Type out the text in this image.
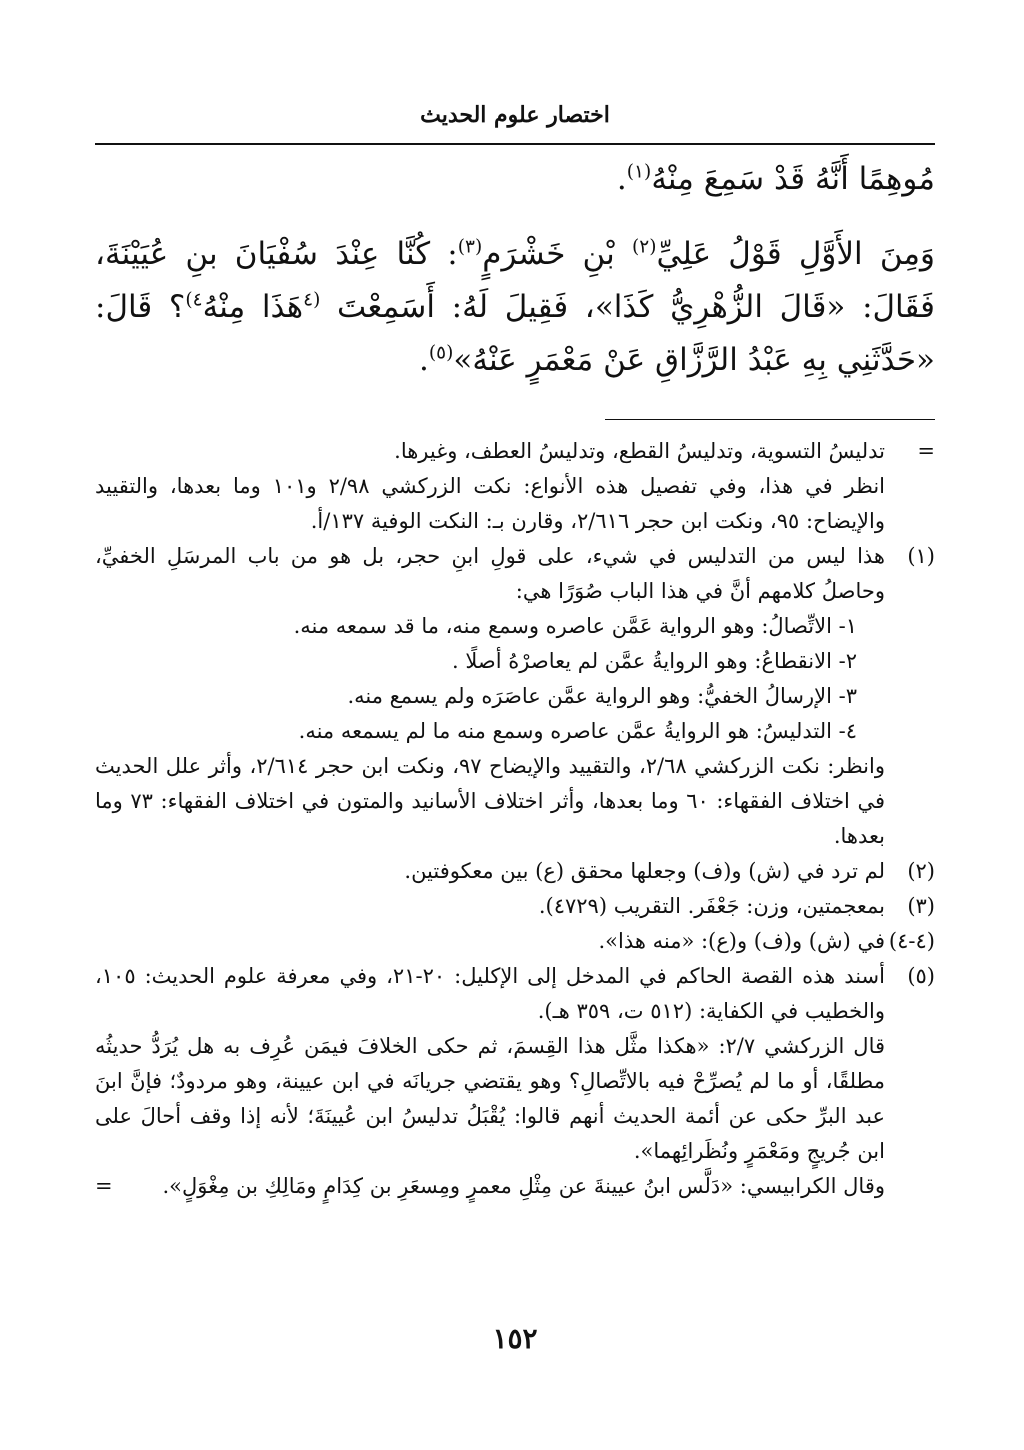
اختصار علوم الحديث

مُوهِمًا أَنَّهُ قَدْ سَمِعَ مِنْهُ$^{(١)}$.

وَمِنَ الأَوَّلِ قَوْلُ عَلِيِّ$^{(٢)}$ بْنِ خَشْرَمٍ$^{(٣)}$: كُنَّا عِنْدَ سُفْيَانَ بنِ عُيَيْنَةَ، فَقَالَ: «قَالَ الزُّهْرِيُّ كَذَا»، فَقِيلَ لَهُ: أَسَمِعْتَ $^{(٤}$هَذَا مِنْهُ$^{٤)}$؟ قَالَ: «حَدَّثَنِي بِهِ عَبْدُ الرَّزَّاقِ عَنْ مَعْمَرٍ عَنْهُ»$^{(٥)}$.

=

تدليسُ التسوية، وتدليسُ القطع، وتدليسُ العطف، وغيرها.

انظر في هذا، وفي تفصيل هذه الأنواع: نكت الزركشي ٢/٩٨ و١٠١ وما بعدها، والتقييد والإيضاح: ٩٥، ونكت ابن حجر ٢/٦١٦، وقارن بـ: النكت الوفية ١٣٧/أ.

(١)

هذا ليس من التدليس في شيء، على قولِ ابنِ حجر، بل هو من باب المرسَلِ الخفيِّ، وحاصلُ كلامهم أنَّ في هذا الباب صُوَرًا هي:

١- الاتِّصالُ: وهو الرواية عَمَّن عاصره وسمع منه، ما قد سمعه منه.

٢- الانقطاعُ: وهو الروايةُ عمَّن لم يعاصرْهُ أصلًا .

٣- الإرسالُ الخفيُّ: وهو الرواية عمَّن عاصَرَه ولم يسمع منه.

٤- التدليسُ: هو الروايةُ عمَّن عاصره وسمع منه ما لم يسمعه منه.

وانظر: نكت الزركشي ٢/٦٨، والتقييد والإيضاح ٩٧، ونكت ابن حجر ٢/٦١٤، وأثر علل الحديث في اختلاف الفقهاء: ٦٠ وما بعدها، وأثر اختلاف الأسانيد والمتون في اختلاف الفقهاء: ٧٣ وما بعدها.

(٢)

لم ترد في (ش) و(ف) وجعلها محقق (ع) بين معكوفتين.

(٣)

بمعجمتين، وزن: جَعْفَر. التقريب (٤٧٢٩).

(٤-٤)

في (ش) و(ف) و(ع): «منه هذا».

(٥)

أسند هذه القصة الحاكم في المدخل إلى الإكليل: ٢٠-٢١، وفي معرفة علوم الحديث: ١٠٥، والخطيب في الكفاية: (٥١٢ ت، ٣٥٩ هـ).

قال الزركشي ٢/٧: «هكذا مثَّل هذا القِسمَ، ثم حكى الخلافَ فيمَن عُرِف به هل يُرَدُّ حديثُه مطلقًا، أو ما لم يُصرِّحْ فيه بالاتِّصالِ؟ وهو يقتضي جريانَه في ابن عيينة، وهو مردودٌ؛ فإنَّ ابنَ عبد البرِّ حكى عن أئمة الحديث أنهم قالوا: يُقْبَلُ تدليسُ ابن عُيينَةَ؛ لأنه إذا وقف أحالَ على ابن جُريجٍ ومَعْمَرٍ ونُظَرائِهما».

وقال الكرابيسي: «دَلَّس ابنُ عيينةَ عن مِثْلِ معمرٍ ومِسعَرِ بن كِدَامٍ ومَالِكِ بن مِغْوَلٍ».
=

١٥٢
